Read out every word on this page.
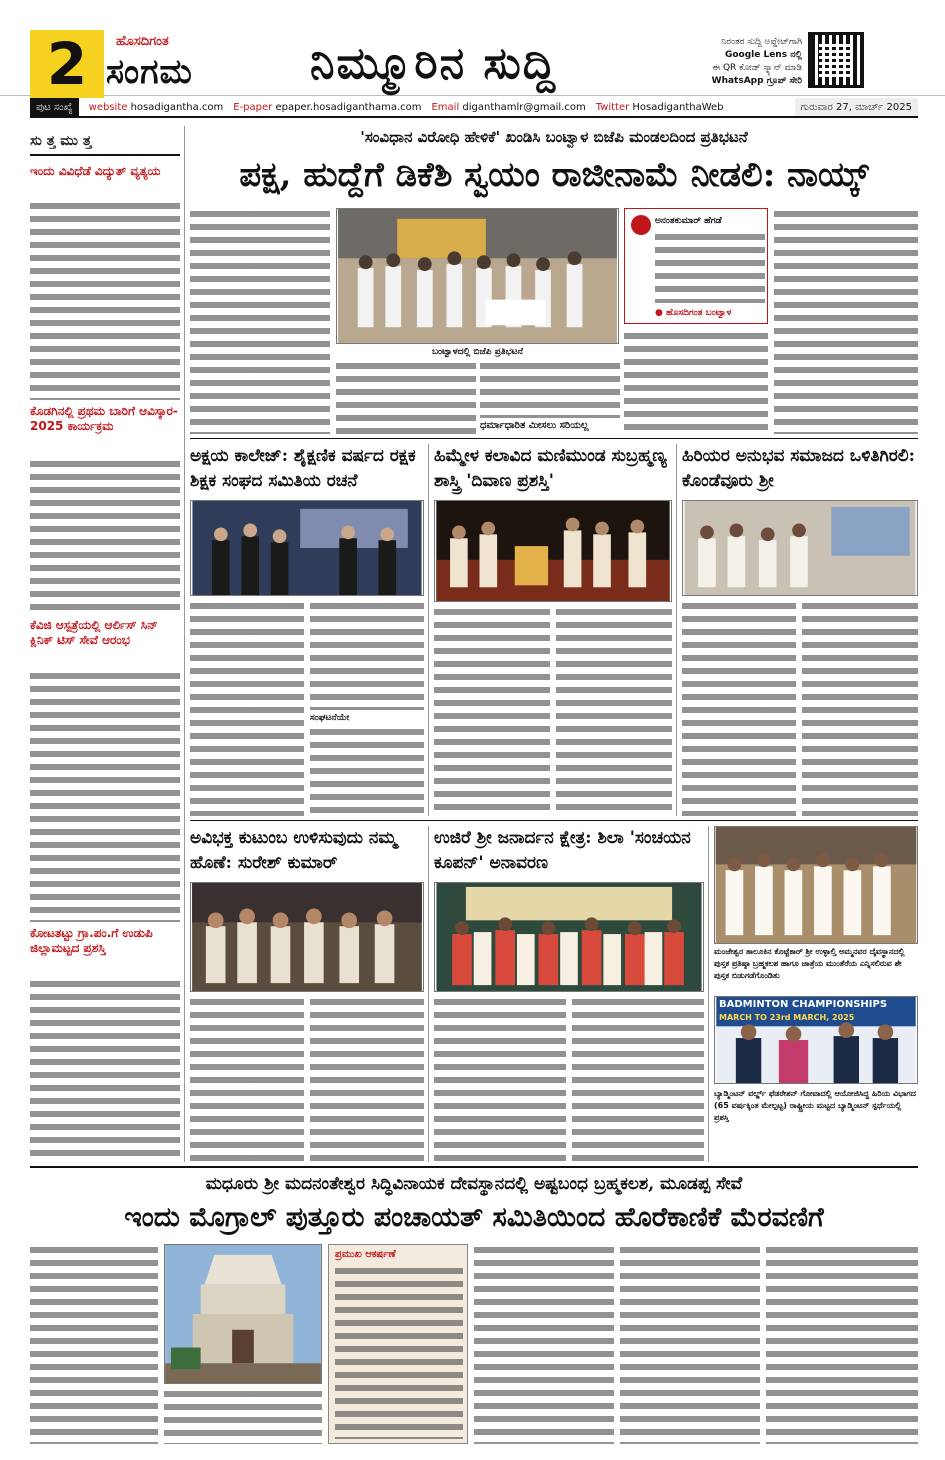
2	ಹೊಸದಿಗಂತ
ಸಂಗಮ	ನಿಮ್ಮೂರಿನ ಸುದ್ದಿ	ನಿರಂತರ ಸುದ್ದಿ ಅಪ್ಡೇಟ್‌ಗಾಗಿ
Google Lens ನಲ್ಲಿ
ಈ QR ಕೋಡ್ ಸ್ಕ್ಯಾನ್ ಮಾಡಿ
WhatsApp ಗ್ರೂಪ್ ಸೇರಿ
ಪುಟ ಸಂಖ್ಯೆ	website hosadigantha.com E-paper epaper.hosadiganthama.com Email diganthamlr@gmail.com Twitter HosadiganthaWeb	ಗುರುವಾರ 27, ಮಾರ್ಚ್ 2025
ಸು ತ್ತ ಮು ತ್ತ
ಇಂದು ವಿವಿಧೆಡೆ ವಿದ್ಯುತ್ ವ್ಯತ್ಯಯ
ಕೊಡಗಿನಲ್ಲಿ ಪ್ರಥಮ ಬಾರಿಗೆ ಆವಿಸ್ಕಾರ- 2025 ಕಾರ್ಯಕ್ರಮ
ಕೆವಿಜಿ ಆಸ್ಪತ್ರೆಯಲ್ಲಿ ಆರ್ಲಿಸ್ ಸಿನ್ ಕ್ಲಿನಿಕ್ ಟಿಸ್ ಸೇವೆ ಆರಂಭ
ಕೋಟತಟ್ಟು ಗ್ರಾ.ಪಂ.ಗೆ ಉಡುಪಿ ಜಿಲ್ಲಾಮಟ್ಟದ ಪ್ರಶಸ್ತಿ
'ಸಂವಿಧಾನ ವಿರೋಧಿ ಹೇಳಿಕೆ' ಖಂಡಿಸಿ ಬಂಟ್ವಾಳ ಬಿಜೆಪಿ ಮಂಡಲದಿಂದ ಪ್ರತಿಭಟನೆ
ಪಕ್ಷ, ಹುದ್ದೆಗೆ ಡಿಕೆಶಿ ಸ್ವಯಂ ರಾಜೀನಾಮೆ ನೀಡಲಿ: ನಾಯ್ಕ್
ಬಂಟ್ವಾಳದಲ್ಲಿ ಬಿಜೆಪಿ ಪ್ರತಿಭಟನೆ
ಧರ್ಮಾಧಾರಿತ ಮೀಸಲು ಸರಿಯಲ್ಲ
ಅನಂತಕುಮಾರ್ ಹೆಗಡೆ
● ಹೊಸದಿಗಂತ ಬಂಟ್ವಾಳ
ಅಕ್ಷಯ ಕಾಲೇಜ್: ಶೈಕ್ಷಣಿಕ ವರ್ಷದ ರಕ್ಷಕ ಶಿಕ್ಷಕ ಸಂಘದ ಸಮಿತಿಯ ರಚನೆ
ಸಂಘಟನೆಯೇ
ಹಿಮ್ಮೇಳ ಕಲಾವಿದ ಮಣಿಮುಂಡ ಸುಬ್ರಹ್ಮಣ್ಯ ಶಾಸ್ತ್ರಿ 'ದಿವಾಣ ಪ್ರಶಸ್ತಿ'
ಹಿರಿಯರ ಅನುಭವ ಸಮಾಜದ ಒಳಿತಿಗಿರಲಿ: ಕೊಂಡೆವೂರು ಶ್ರೀ
ಅವಿಭಕ್ತ ಕುಟುಂಬ ಉಳಿಸುವುದು ನಮ್ಮ ಹೊಣೆ: ಸುರೇಶ್ ಕುಮಾರ್
ಉಜಿರೆ ಶ್ರೀ ಜನಾರ್ದನ ಕ್ಷೇತ್ರ: ಶಿಲಾ 'ಸಂಚಯನ ಕೂಪನ್' ಅನಾವರಣ
ಮಂಜೇಶ್ವರ ತಾಲೂಕಿನ ಕೊಟ್ಟೆಕಾರ್ ಶ್ರೀ ಉಳ್ಳಾಲ್ತಿ ಅಮ್ಮನವರ ದೈವಸ್ಥಾನದಲ್ಲಿ ಪುಸ್ತಕ ಪ್ರತಿಷ್ಠಾ ಬ್ರಹ್ಮಕಲಶ ಹಾಗೂ ಜಾತ್ರೆಯ ಮುಂತೆರೆಯ ಎನ್ನಿಸಲಿರುವ ಶೇ ಪುಸ್ತಕ ಬಿಡುಗಡೆಗೊಂಡಿತು
BADMINTON CHAMPIONSHIPS
MARCH TO 23rd MARCH, 2025
ಬ್ಯಾಡ್ಮಿಂಟನ್ ವರ್ಲ್ಡ್ ಫೆಡರೇಶನ್ ಗೋವಾದಲ್ಲಿ ಆಯೋಜಿಸಿದ್ದ ಹಿರಿಯ ವಿಭಾಗದ (65 ವರ್ಷಕ್ಕಿಂತ ಮೇಲ್ಪಟ್ಟ) ರಾಷ್ಟ್ರೀಯ ಮಟ್ಟದ ಬ್ಯಾಡ್ಮಿಂಟನ್ ಸ್ಪರ್ಧೆಯಲ್ಲಿ ಪ್ರಶಸ್ತಿ
ಮಧೂರು ಶ್ರೀ ಮದನಂತೇಶ್ವರ ಸಿದ್ಧಿವಿನಾಯಕ ದೇವಸ್ಥಾನದಲ್ಲಿ ಅಷ್ಟಬಂಧ ಬ್ರಹ್ಮಕಲಶ, ಮೂಡಪ್ಪ ಸೇವೆ
ಇಂದು ಮೊಗ್ರಾಲ್ ಪುತ್ತೂರು ಪಂಚಾಯತ್ ಸಮಿತಿಯಿಂದ ಹೊರೆಕಾಣಿಕೆ ಮೆರವಣಿಗೆ
ಪ್ರಮುಖ ಆಕರ್ಷಣೆ
